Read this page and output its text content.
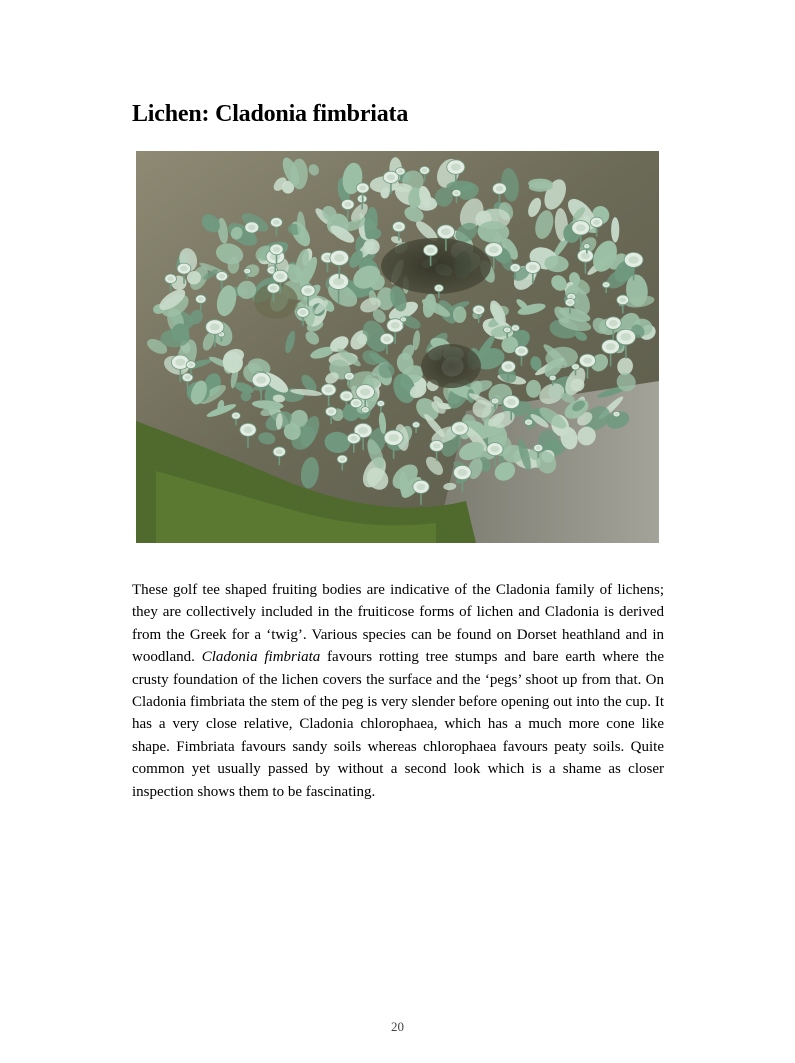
Lichen: Cladonia fimbriata

These golf tee shaped fruiting bodies are indicative of the Cladonia family of lichens; they are collectively included in the fruiticose forms of lichen and Cladonia is derived from the Greek for a ‘twig’. Various species can be found on Dorset heathland and in woodland. Cladonia fimbriata favours rotting tree stumps and bare earth where the crusty foundation of the lichen covers the surface and the ‘pegs’ shoot up from that. On Cladonia fimbriata the stem of the peg is very slender before opening out into the cup. It has a very close relative, Cladonia chlorophaea, which has a much more cone like shape. Fimbriata favours sandy soils whereas chlorophaea favours peaty soils. Quite common yet usually passed by without a second look which is a shame as closer inspection shows them to be fascinating.

20
